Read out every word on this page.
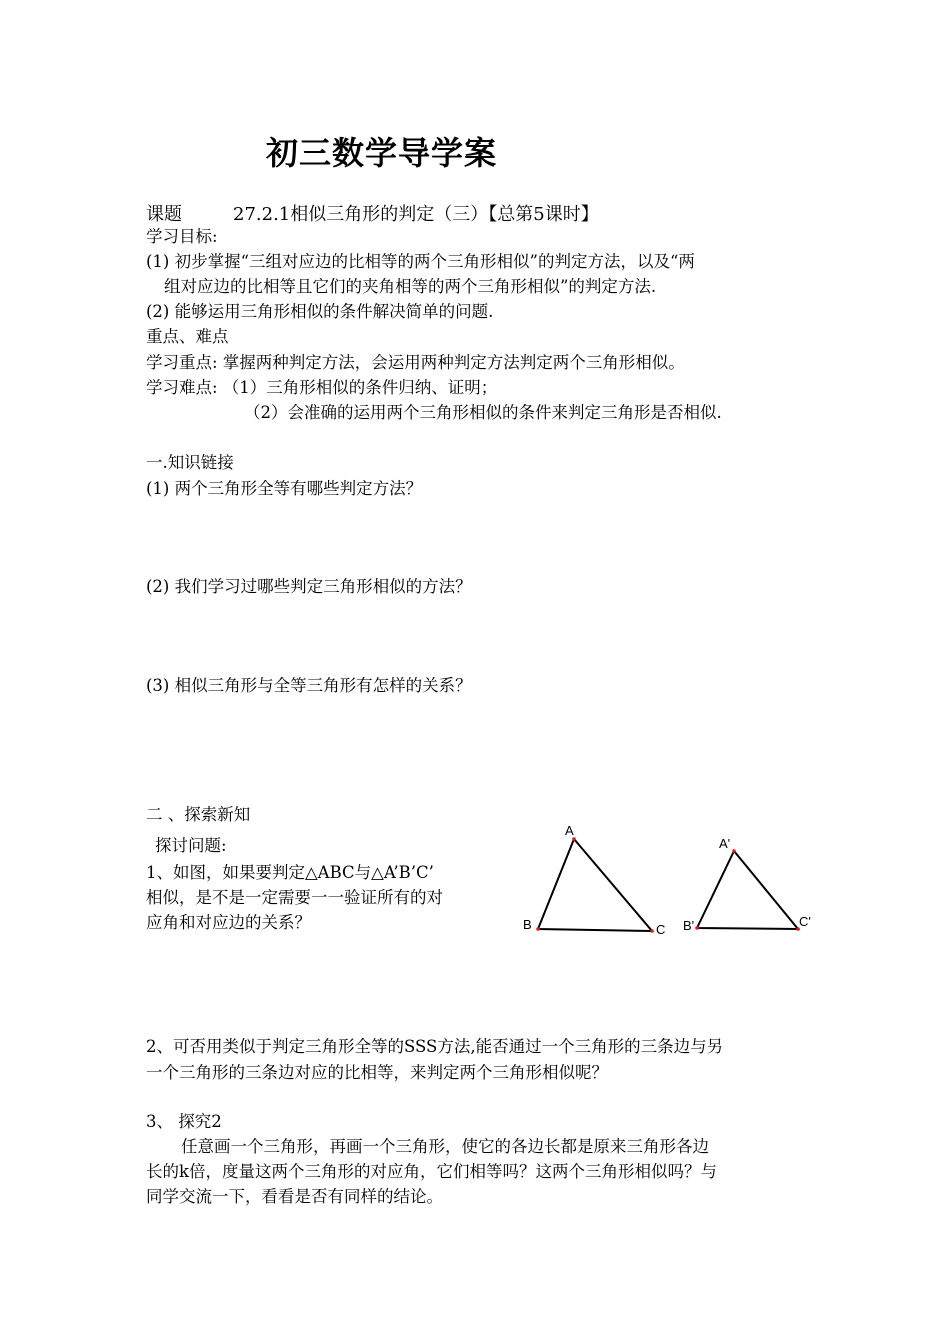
初三数学导学案
课题	27.2.1相似三角形的判定（三）【总第5课时】
学习目标:
(1) 初步掌握“三组对应边的比相等的两个三角形相似”的判定方法，以及“两
组对应边的比相等且它们的夹角相等的两个三角形相似”的判定方法.
(2) 能够运用三角形相似的条件解决简单的问题.
重点、难点
学习重点: 掌握两种判定方法，会运用两种判定方法判定两个三角形相似。
学习难点: （1）三角形相似的条件归纳、证明；
（2）会准确的运用两个三角形相似的条件来判定三角形是否相似.
一.知识链接
(1) 两个三角形全等有哪些判定方法？
(2) 我们学习过哪些判定三角形相似的方法？
(3) 相似三角形与全等三角形有怎样的关系？
二 、探索新知
探讨问题:
1、如图，如果要判定△ABC与△A’B’C’
相似，是不是一定需要一一验证所有的对
应角和对应边的关系？
A
B	C
A'
B'	C'
2、可否用类似于判定三角形全等的SSS方法,能否通过一个三角形的三条边与另
一个三角形的三条边对应的比相等，来判定两个三角形相似呢？
3、 探究2
任意画一个三角形，再画一个三角形，使它的各边长都是原来三角形各边
长的k倍，度量这两个三角形的对应角，它们相等吗？这两个三角形相似吗？与
同学交流一下，看看是否有同样的结论。
